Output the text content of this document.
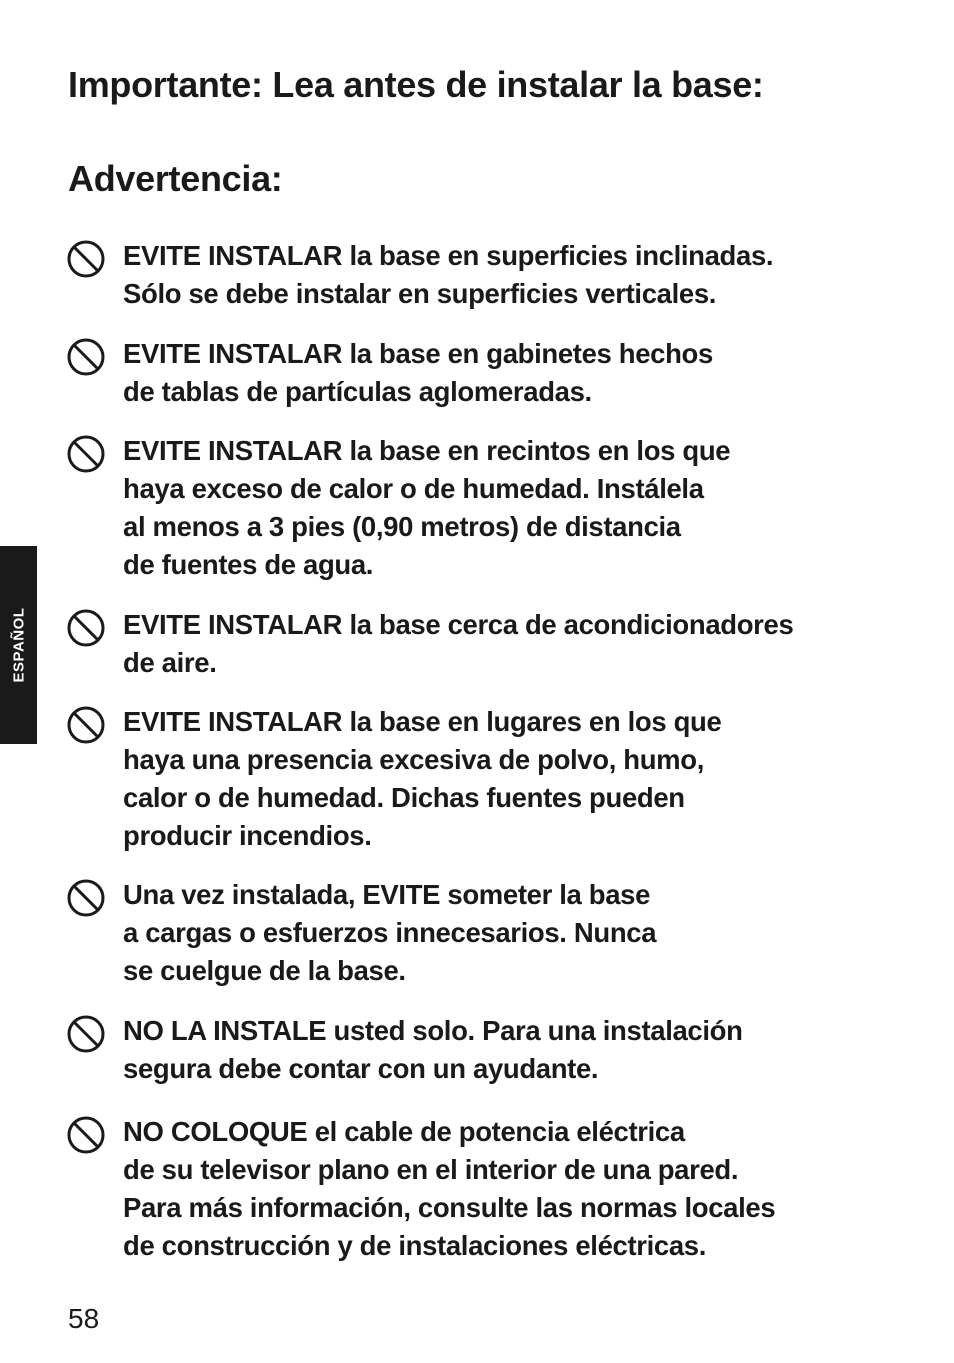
Importante: Lea antes de instalar la base:
Advertencia:
ESPAÑOL
EVITE INSTALAR la base en superficies inclinadas.
Sólo se debe instalar en superficies verticales.
EVITE INSTALAR la base en gabinetes hechos
de tablas de partículas aglomeradas.
EVITE INSTALAR la base en recintos en los que
haya exceso de calor o de humedad. Instálela
al menos a 3 pies (0,90 metros) de distancia
de fuentes de agua.
EVITE INSTALAR la base cerca de acondicionadores
de aire.
EVITE INSTALAR la base en lugares en los que
haya una presencia excesiva de polvo, humo,
calor o de humedad. Dichas fuentes pueden
producir incendios.
Una vez instalada, EVITE someter la base
a cargas o esfuerzos innecesarios. Nunca
se cuelgue de la base.
NO LA INSTALE usted solo. Para una instalación
segura debe contar con un ayudante.
NO COLOQUE el cable de potencia eléctrica
de su televisor plano en el interior de una pared.
Para más información, consulte las normas locales
de construcción y de instalaciones eléctricas.
58
